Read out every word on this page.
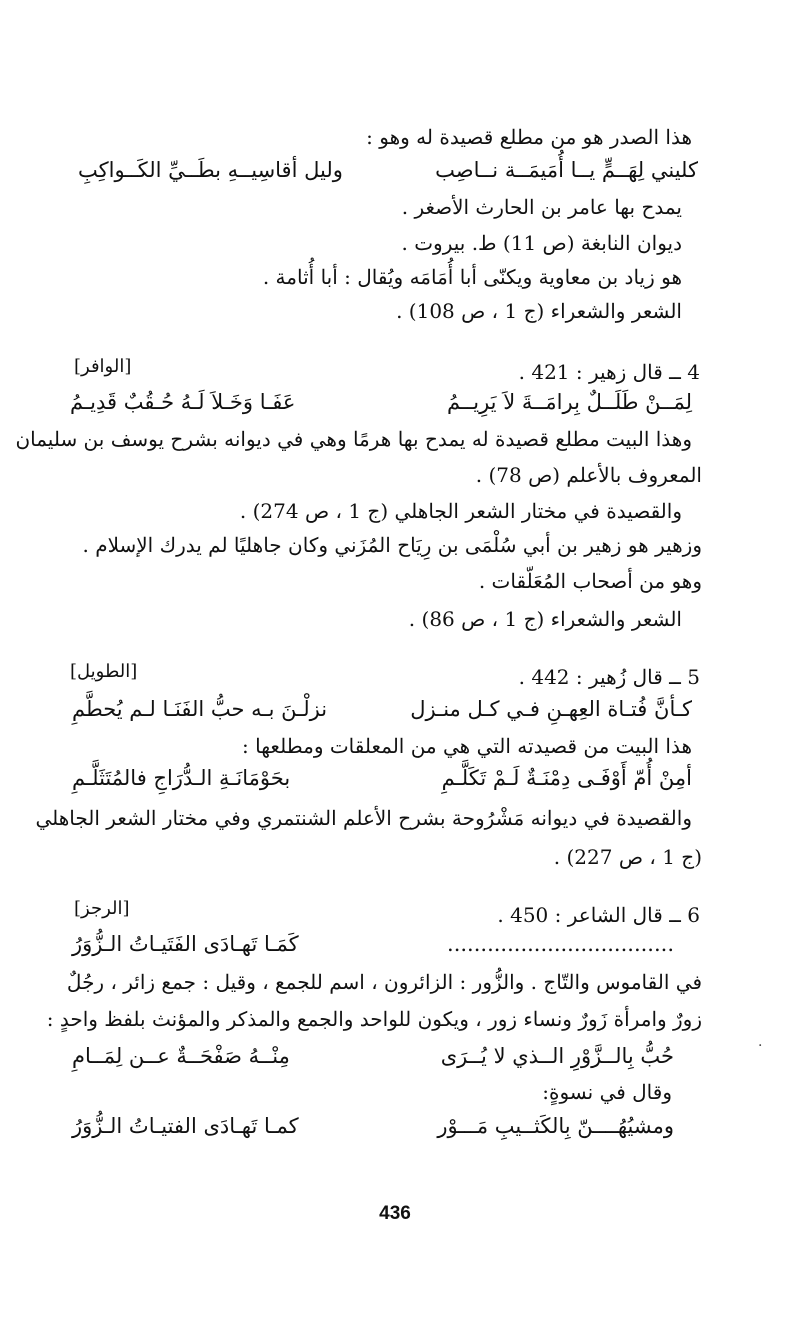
هذا الصدر هو من مطلع قصيدة له وهو :
كليني لِهَــمٍّ يــا أُمَيمَــة نــاصِب
وليل أقاسِيــهِ بطَــيِّ الكَــواكِبِ
يمدح بها عامر بن الحارث الأصغر .
ديوان النابغة (ص 11) ط. بيروت .
هو زياد بن معاوية ويكنّى أبا أُمَامَه ويُقال : أبا أُثامة .
الشعر والشعراء (ج 1 ، ص 108) .
4 ــ قال زهير : 421 .
[الوافر]
لِمَــنْ طَلَــلٌ بِرامَــةَ لاَ يَرِيــمُ
عَفَـا وَخَـلاَ لَـهُ حُـقُبٌ قَدِيـمُ
وهذا البيت مطلع قصيدة له يمدح بها هرمًا وهي في ديوانه بشرح يوسف بن سليمان
المعروف بالأعلم (ص 78) .
والقصيدة في مختار الشعر الجاهلي (ج 1 ، ص 274) .
وزهير هو زهير بن أبي سُلْمَى بن رِيَاح المُزَني وكان جاهليًا لم يدرك الإسلام .
وهو من أصحاب المُعَلّقات .
الشعر والشعراء (ج 1 ، ص 86) .
5 ــ قال زُهير : 442 .
[الطويل]
كـأنَّ فُتـاة العِهـنِ فـي كـل منـزل
نزلْـنَ بـه حبُّ الفَنَـا لـم يُحطَّمِ
هذا البيت من قصيدته التي هي من المعلقات ومطلعها :
أمِنْ أُمّ أَوْفَـى دِمْنَـةٌ لَـمْ تَكَلَّـمِ
بحَوْمَانَـةِ الـدُّرَاجِ فالمُتَثَلَّـمِ
والقصيدة في ديوانه مَشْرُوحة بشرح الأعلم الشنتمري وفي مختار الشعر الجاهلي
(ج 1 ، ص 227) .
6 ــ قال الشاعر : 450 .
[الرجز]
..................................
كَمَـا تَهـادَى الفَتَيـاتُ الـزُّوَرُ
في القاموس والتّاج . والزُّور : الزائرون ، اسم للجمع ، وقيل : جمع زائر ، رجُلٌ
زورٌ وامرأة زَورٌ ونساء زور ، ويكون للواحد والجمع والمذكر والمؤنث بلفظ واحدٍ :
حُبُّ بِالــزَّوْرِ الــذي لا يُــرَى
مِنْــهُ صَفْحَــةٌ عــن لِمَــامِ
وقال في نسوةٍ:
ومشيُهُــــنّ بِالكَثــيبِ مَـــوْر
كمـا تَهـادَى الفتيـاتُ الـزُّوَرُ
·
436
